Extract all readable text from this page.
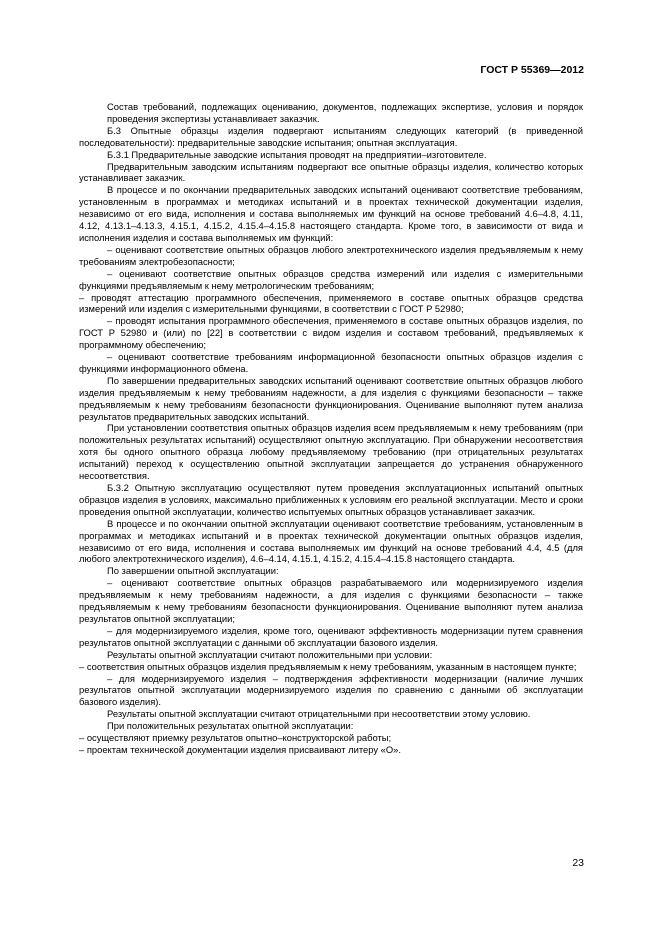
ГОСТ Р 55369—2012

Состав требований, подлежащих оцениванию, документов, подлежащих экспертизе, условия и порядок проведения экспертизы устанавливает заказчик.

Б.3 Опытные образцы изделия подвергают испытаниям следующих категорий (в приведенной последовательности): предварительные заводские испытания; опытная эксплуатация.

Б.3.1 Предварительные заводские испытания проводят на предприятии–изготовителе.

Предварительным заводским испытаниям подвергают все опытные образцы изделия, количество которых устанавливает заказчик.

В процессе и по окончании предварительных заводских испытаний оценивают соответствие требованиям, установленным в программах и методиках испытаний и в проектах технической документации изделия, независимо от его вида, исполнения и состава выполняемых им функций на основе требований 4.6–4.8, 4.11, 4.12, 4.13.1–4.13.3, 4.15.1, 4.15.2, 4.15.4–4.15.8 настоящего стандарта. Кроме того, в зависимости от вида и исполнения изделия и состава выполняемых им функций:

– оценивают соответствие опытных образцов любого электротехнического изделия предъявляемым к нему требованиям электробезопасности;

– оценивают соответствие опытных образцов средства измерений или изделия с измерительными функциями предъявляемым к нему метрологическим требованиям;

– проводят аттестацию программного обеспечения, применяемого в составе опытных образцов средства измерений или изделия с измерительными функциями, в соответствии с ГОСТ Р 52980;

– проводят испытания программного обеспечения, применяемого в составе опытных образцов изделия, по ГОСТ Р 52980 и (или) по [22] в соответствии с видом изделия и составом требований, предъявляемых к программному обеспечению;

– оценивают соответствие требованиям информационной безопасности опытных образцов изделия с функциями информационного обмена.

По завершении предварительных заводских испытаний оценивают соответствие опытных образцов любого изделия предъявляемым к нему требованиям надежности, а для изделия с функциями безопасности – также предъявляемым к нему требованиям безопасности функционирования. Оценивание выполняют путем анализа результатов предварительных заводских испытаний.

При установлении соответствия опытных образцов изделия всем предъявляемым к нему требованиям (при положительных результатах испытаний) осуществляют опытную эксплуатацию. При обнаружении несоответствия хотя бы одного опытного образца любому предъявляемому требованию (при отрицательных результатах испытаний) переход к осуществлению опытной эксплуатации запрещается до устранения обнаруженного несоответствия.

Б.3.2 Опытную эксплуатацию осуществляют путем проведения эксплуатационных испытаний опытных образцов изделия в условиях, максимально приближенных к условиям его реальной эксплуатации. Место и сроки проведения опытной эксплуатации, количество испытуемых опытных образцов устанавливает заказчик.

В процессе и по окончании опытной эксплуатации оценивают соответствие требованиям, установленным в программах и методиках испытаний и в проектах технической документации опытных образцов изделия, независимо от его вида, исполнения и состава выполняемых им функций на основе требований 4.4, 4.5 (для любого электротехнического изделия), 4.6–4.14, 4.15.1, 4.15.2, 4.15.4–4.15.8 настоящего стандарта.

По завершении опытной эксплуатации:

– оценивают соответствие опытных образцов разрабатываемого или модернизируемого изделия предъявляемым к нему требованиям надежности, а для изделия с функциями безопасности – также предъявляемым к нему требованиям безопасности функционирования. Оценивание выполняют путем анализа результатов опытной эксплуатации;

– для модернизируемого изделия, кроме того, оценивают эффективность модернизации путем сравнения результатов опытной эксплуатации с данными об эксплуатации базового изделия.

Результаты опытной эксплуатации считают положительными при условии:

– соответствия опытных образцов изделия предъявляемым к нему требованиям, указанным в настоящем пункте;

– для модернизируемого изделия – подтверждения эффективности модернизации (наличие лучших результатов опытной эксплуатации модернизируемого изделия по сравнению с данными об эксплуатации базового изделия).

Результаты опытной эксплуатации считают отрицательными при несоответствии этому условию.

При положительных результатах опытной эксплуатации:

– осуществляют приемку результатов опытно–конструкторской работы;

– проектам технической документации изделия присваивают литеру «О».

23
